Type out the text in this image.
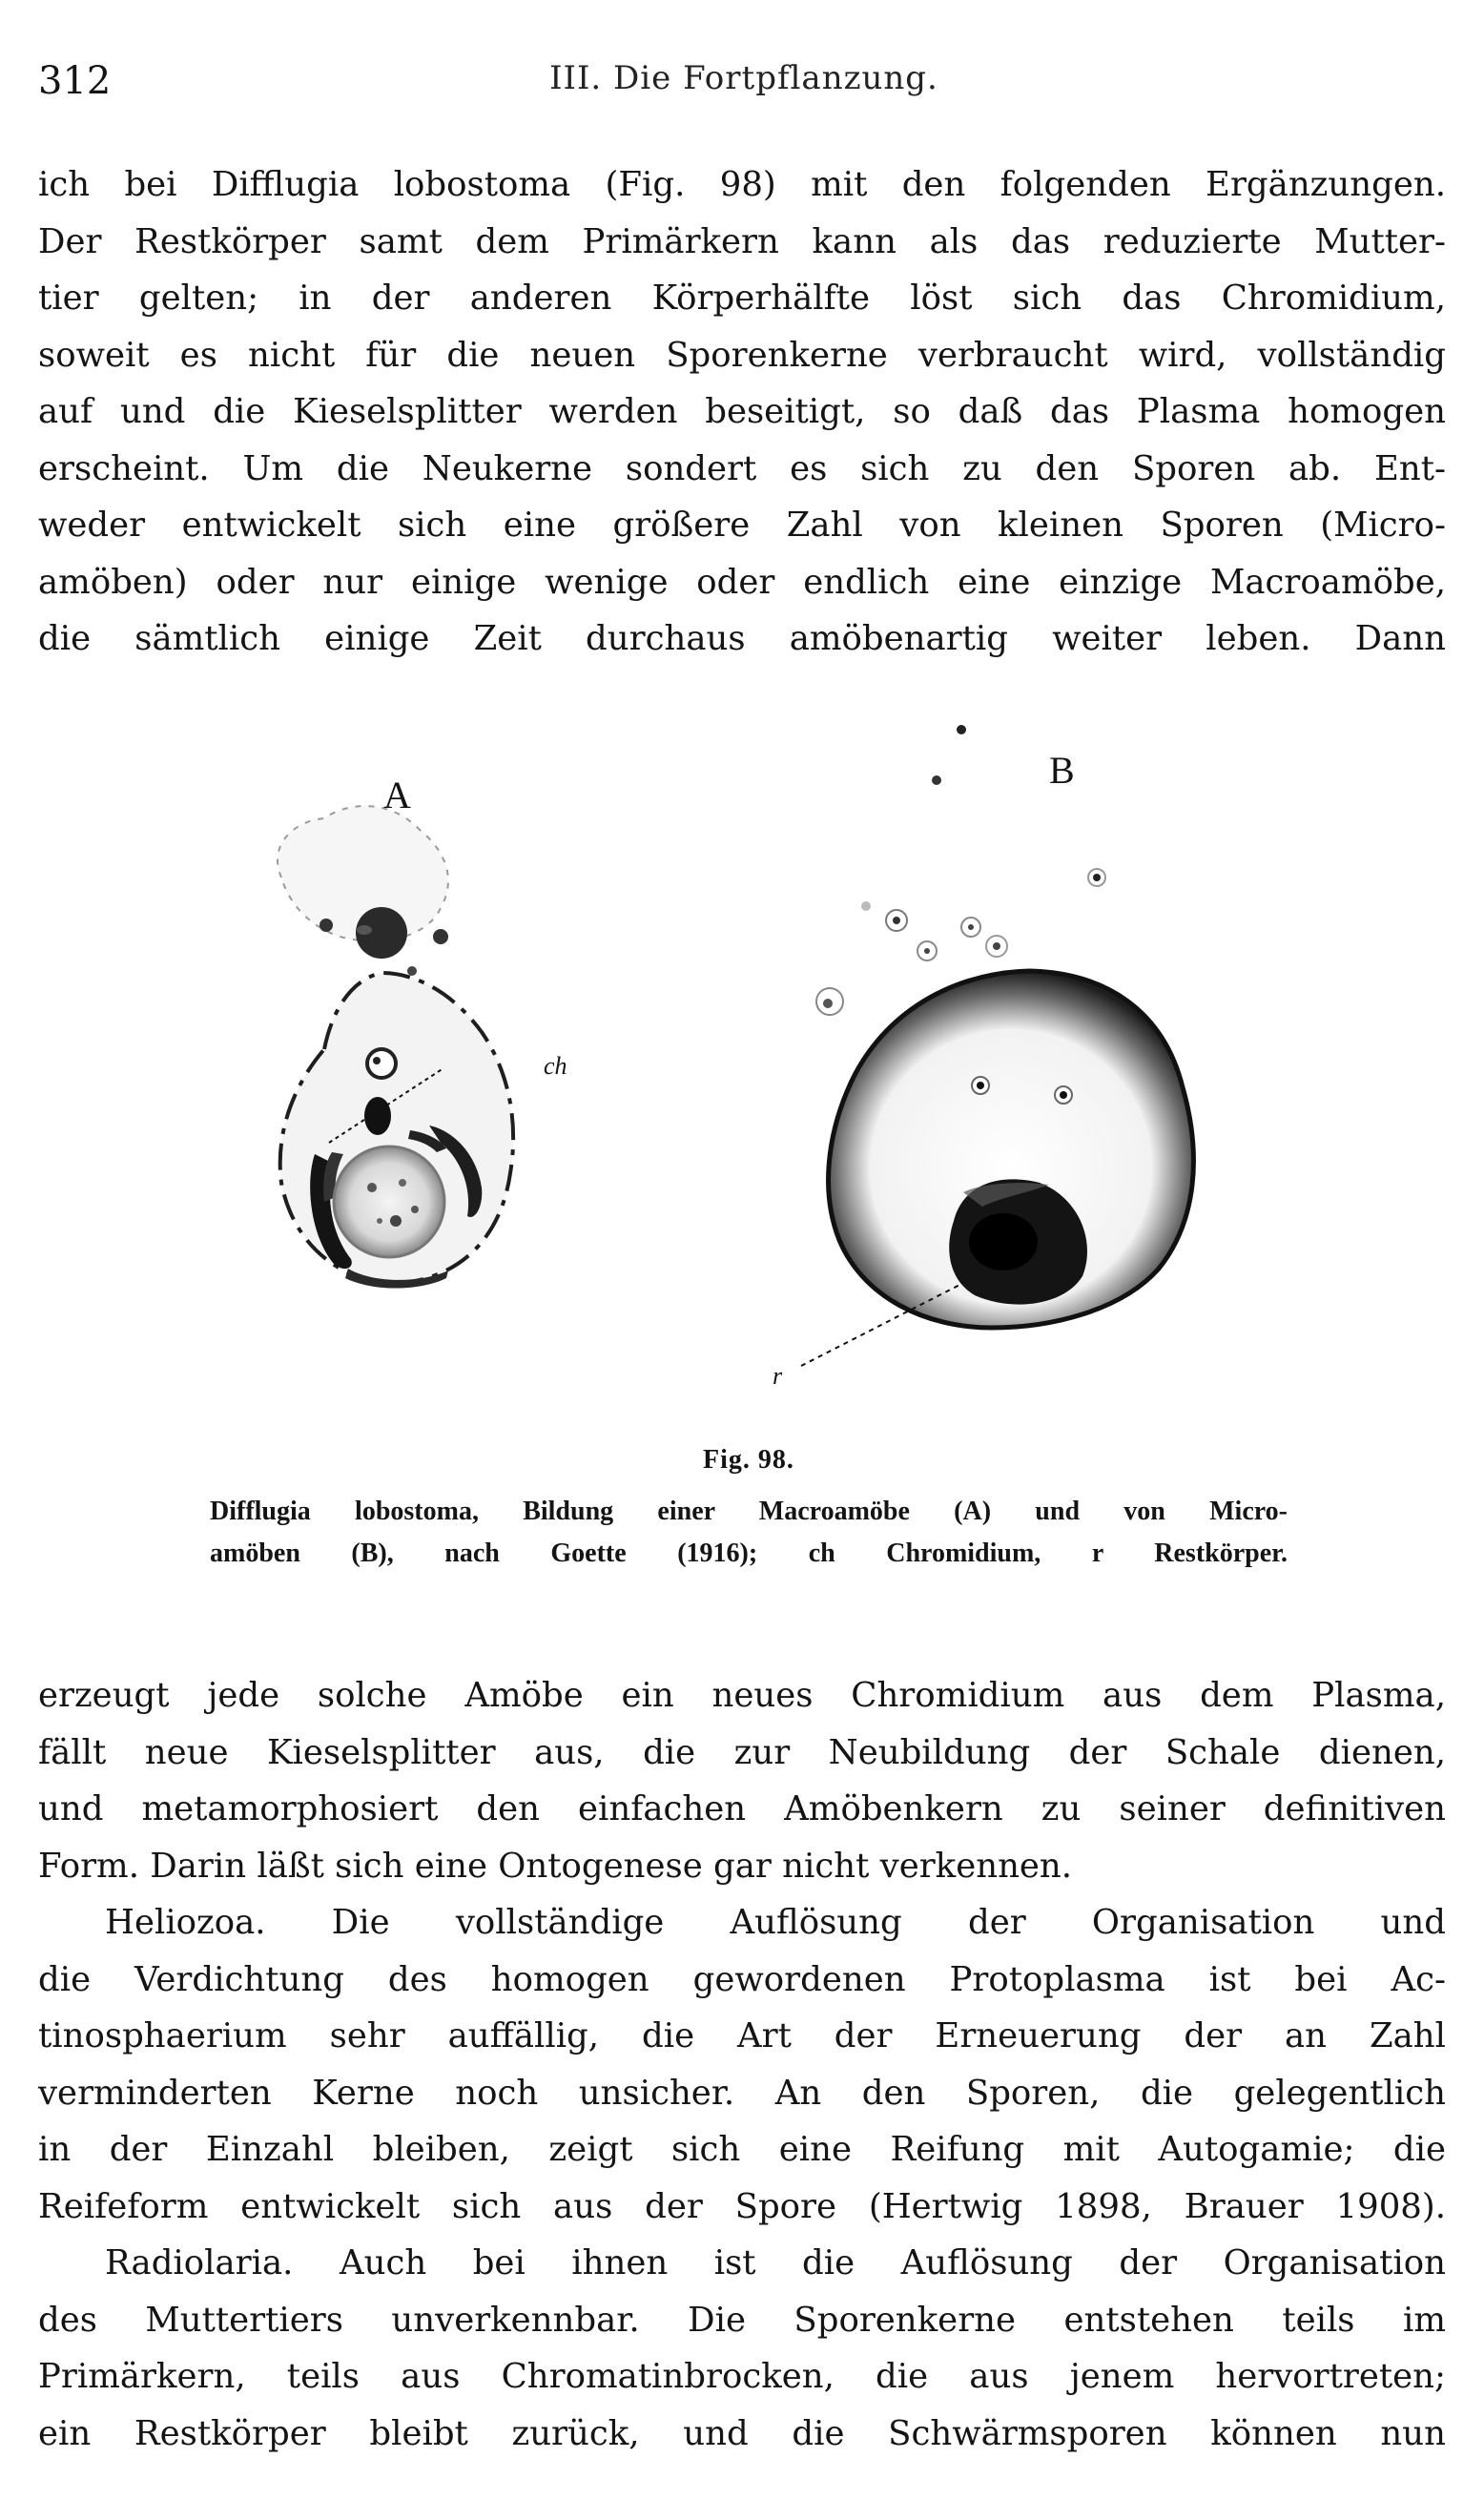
312	III. Die Fortpflanzung.
ich bei Difflugia lobostoma (Fig. 98) mit den folgenden Ergänzungen.
Der Restkörper samt dem Primärkern kann als das reduzierte Mutter-
tier gelten; in der anderen Körperhälfte löst sich das Chromidium,
soweit es nicht für die neuen Sporenkerne verbraucht wird, vollständig
auf und die Kieselsplitter werden beseitigt, so daß das Plasma homogen
erscheint. Um die Neukerne sondert es sich zu den Sporen ab. Ent-
weder entwickelt sich eine größere Zahl von kleinen Sporen (Micro-
amöben) oder nur einige wenige oder endlich eine einzige Macroamöbe,
die sämtlich einige Zeit durchaus amöbenartig weiter leben. Dann
A
B
ch
r
Fig. 98.
Difflugia lobostoma, Bildung einer Macroamöbe (A) und von Micro-
amöben (B), nach Goette (1916); ch Chromidium, r Restkörper.
erzeugt jede solche Amöbe ein neues Chromidium aus dem Plasma,
fällt neue Kieselsplitter aus, die zur Neubildung der Schale dienen,
und metamorphosiert den einfachen Amöbenkern zu seiner definitiven
Form. Darin läßt sich eine Ontogenese gar nicht verkennen.
Heliozoa. Die vollständige Auflösung der Organisation und
die Verdichtung des homogen gewordenen Protoplasma ist bei Ac-
tinosphaerium sehr auffällig, die Art der Erneuerung der an Zahl
verminderten Kerne noch unsicher. An den Sporen, die gelegentlich
in der Einzahl bleiben, zeigt sich eine Reifung mit Autogamie; die
Reifeform entwickelt sich aus der Spore (Hertwig 1898, Brauer 1908).
Radiolaria. Auch bei ihnen ist die Auflösung der Organisation
des Muttertiers unverkennbar. Die Sporenkerne entstehen teils im
Primärkern, teils aus Chromatinbrocken, die aus jenem hervortreten;
ein Restkörper bleibt zurück, und die Schwärmsporen können nun
